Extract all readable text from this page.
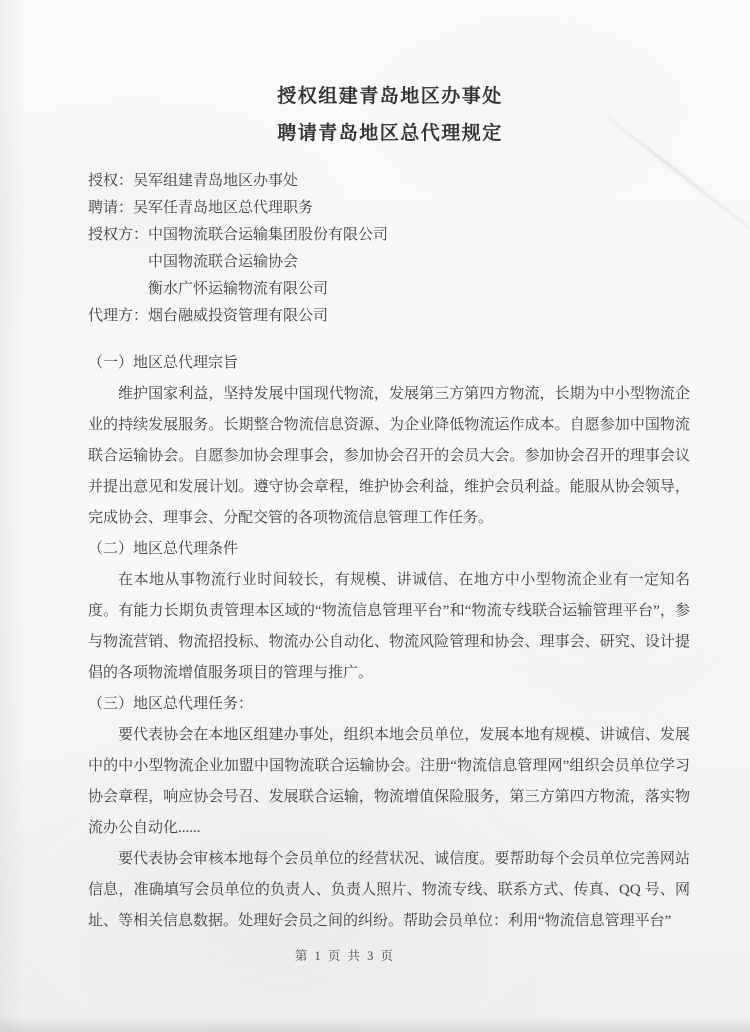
授权组建青岛地区办事处
聘请青岛地区总代理规定
授权：吴军组建青岛地区办事处
聘请：吴军任青岛地区总代理职务
授权方：中国物流联合运输集团股份有限公司
中国物流联合运输协会
衡水广怀运输物流有限公司
代理方：烟台融威投资管理有限公司
（一）地区总代理宗旨
维护国家利益，坚持发展中国现代物流，发展第三方第四方物流，长期为中小型物流企业的持续发展服务。长期整合物流信息资源、为企业降低物流运作成本。自愿参加中国物流联合运输协会。自愿参加协会理事会，参加协会召开的会员大会。参加协会召开的理事会议并提出意见和发展计划。遵守协会章程，维护协会利益，维护会员利益。能服从协会领导，完成协会、理事会、分配交管的各项物流信息管理工作任务。
（二）地区总代理条件
在本地从事物流行业时间较长，有规模、讲诚信、在地方中小型物流企业有一定知名度。有能力长期负责管理本区域的“物流信息管理平台”和“物流专线联合运输管理平台”，参与物流营销、物流招投标、物流办公自动化、物流风险管理和协会、理事会、研究、设计提倡的各项物流增值服务项目的管理与推广。
（三）地区总代理任务：
要代表协会在本地区组建办事处，组织本地会员单位，发展本地有规模、讲诚信、发展中的中小型物流企业加盟中国物流联合运输协会。注册“物流信息管理网”组织会员单位学习协会章程，响应协会号召、发展联合运输，物流增值保险服务，第三方第四方物流，落实物流办公自动化......
要代表协会审核本地每个会员单位的经营状况、诚信度。要帮助每个会员单位完善网站信息，准确填写会员单位的负责人、负责人照片、物流专线、联系方式、传真、QQ 号、网址、等相关信息数据。处理好会员之间的纠纷。帮助会员单位：利用“物流信息管理平台”
第 1 页 共 3 页
